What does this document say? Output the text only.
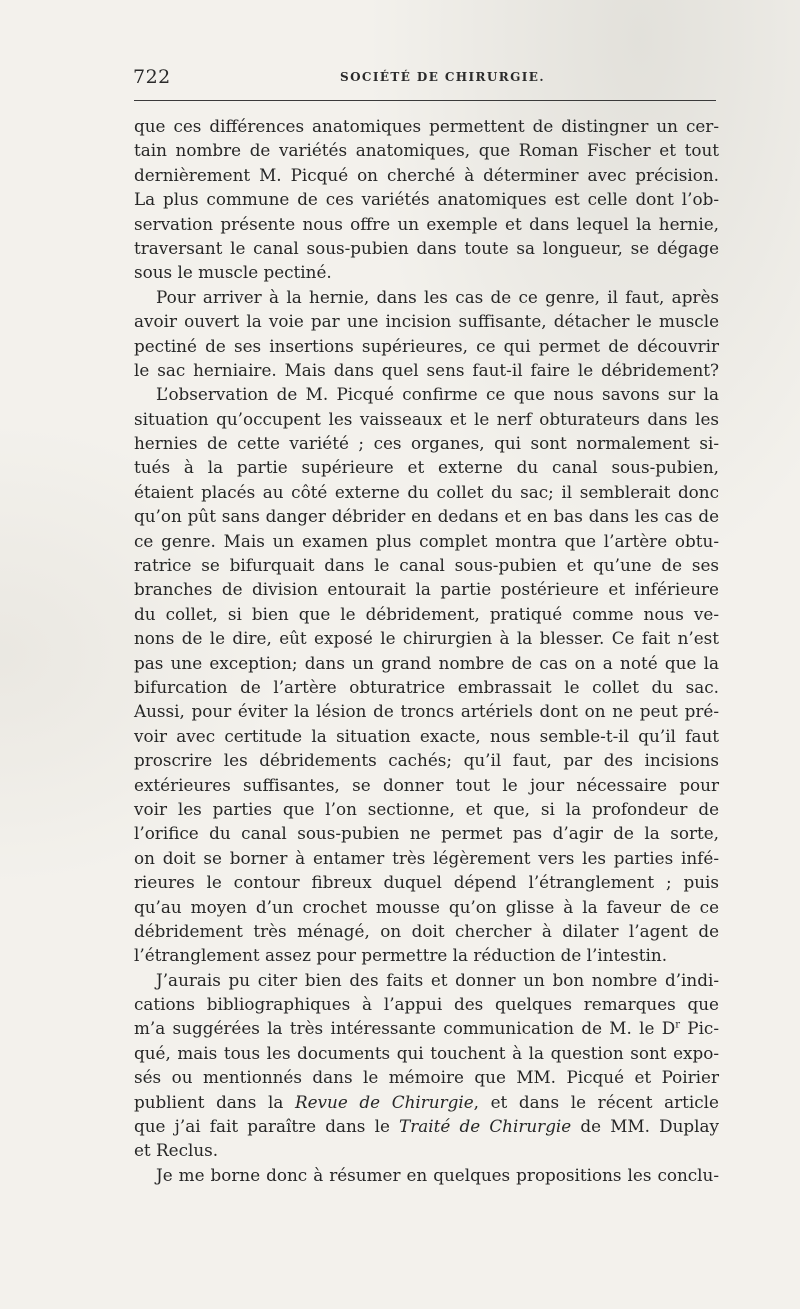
722	SOCIÉTÉ DE CHIRURGIE.
que ces différences anatomiques permettent de distingner un cer-
tain nombre de variétés anatomiques, que Roman Fischer et tout
dernièrement M. Picqué on cherché à déterminer avec précision.
La plus commune de ces variétés anatomiques est celle dont l’ob-
servation présente nous offre un exemple et dans lequel la hernie,
traversant le canal sous-pubien dans toute sa longueur, se dégage
sous le muscle pectiné.
Pour arriver à la hernie, dans les cas de ce genre, il faut, après
avoir ouvert la voie par une incision suffisante, détacher le muscle
pectiné de ses insertions supérieures, ce qui permet de découvrir
le sac herniaire. Mais dans quel sens faut-il faire le débridement?
L’observation de M. Picqué confirme ce que nous savons sur la
situation qu’occupent les vaisseaux et le nerf obturateurs dans les
hernies de cette variété ; ces organes, qui sont normalement si-
tués à la partie supérieure et externe du canal sous-pubien,
étaient placés au côté externe du collet du sac; il semblerait donc
qu’on pût sans danger débrider en dedans et en bas dans les cas de
ce genre. Mais un examen plus complet montra que l’artère obtu-
ratrice se bifurquait dans le canal sous-pubien et qu’une de ses
branches de division entourait la partie postérieure et inférieure
du collet, si bien que le débridement, pratiqué comme nous ve-
nons de le dire, eût exposé le chirurgien à la blesser. Ce fait n’est
pas une exception; dans un grand nombre de cas on a noté que la
bifurcation de l’artère obturatrice embrassait le collet du sac.
Aussi, pour éviter la lésion de troncs artériels dont on ne peut pré-
voir avec certitude la situation exacte, nous semble-t-il qu’il faut
proscrire les débridements cachés; qu’il faut, par des incisions
extérieures suffisantes, se donner tout le jour nécessaire pour
voir les parties que l’on sectionne, et que, si la profondeur de
l’orifice du canal sous-pubien ne permet pas d’agir de la sorte,
on doit se borner à entamer très légèrement vers les parties infé-
rieures le contour fibreux duquel dépend l’étranglement ; puis
qu’au moyen d’un crochet mousse qu’on glisse à la faveur de ce
débridement très ménagé, on doit chercher à dilater l’agent de
l’étranglement assez pour permettre la réduction de l’intestin.
J’aurais pu citer bien des faits et donner un bon nombre d’indi-
cations bibliographiques à l’appui des quelques remarques que
m’a suggérées la très intéressante communication de M. le $D^r$ Pic-
qué, mais tous les documents qui touchent à la question sont expo-
sés ou mentionnés dans le mémoire que MM. Picqué et Poirier
publient dans la Revue de Chirurgie, et dans le récent article
que j’ai fait paraître dans le Traité de Chirurgie de MM. Duplay
et Reclus.
Je me borne donc à résumer en quelques propositions les conclu-
